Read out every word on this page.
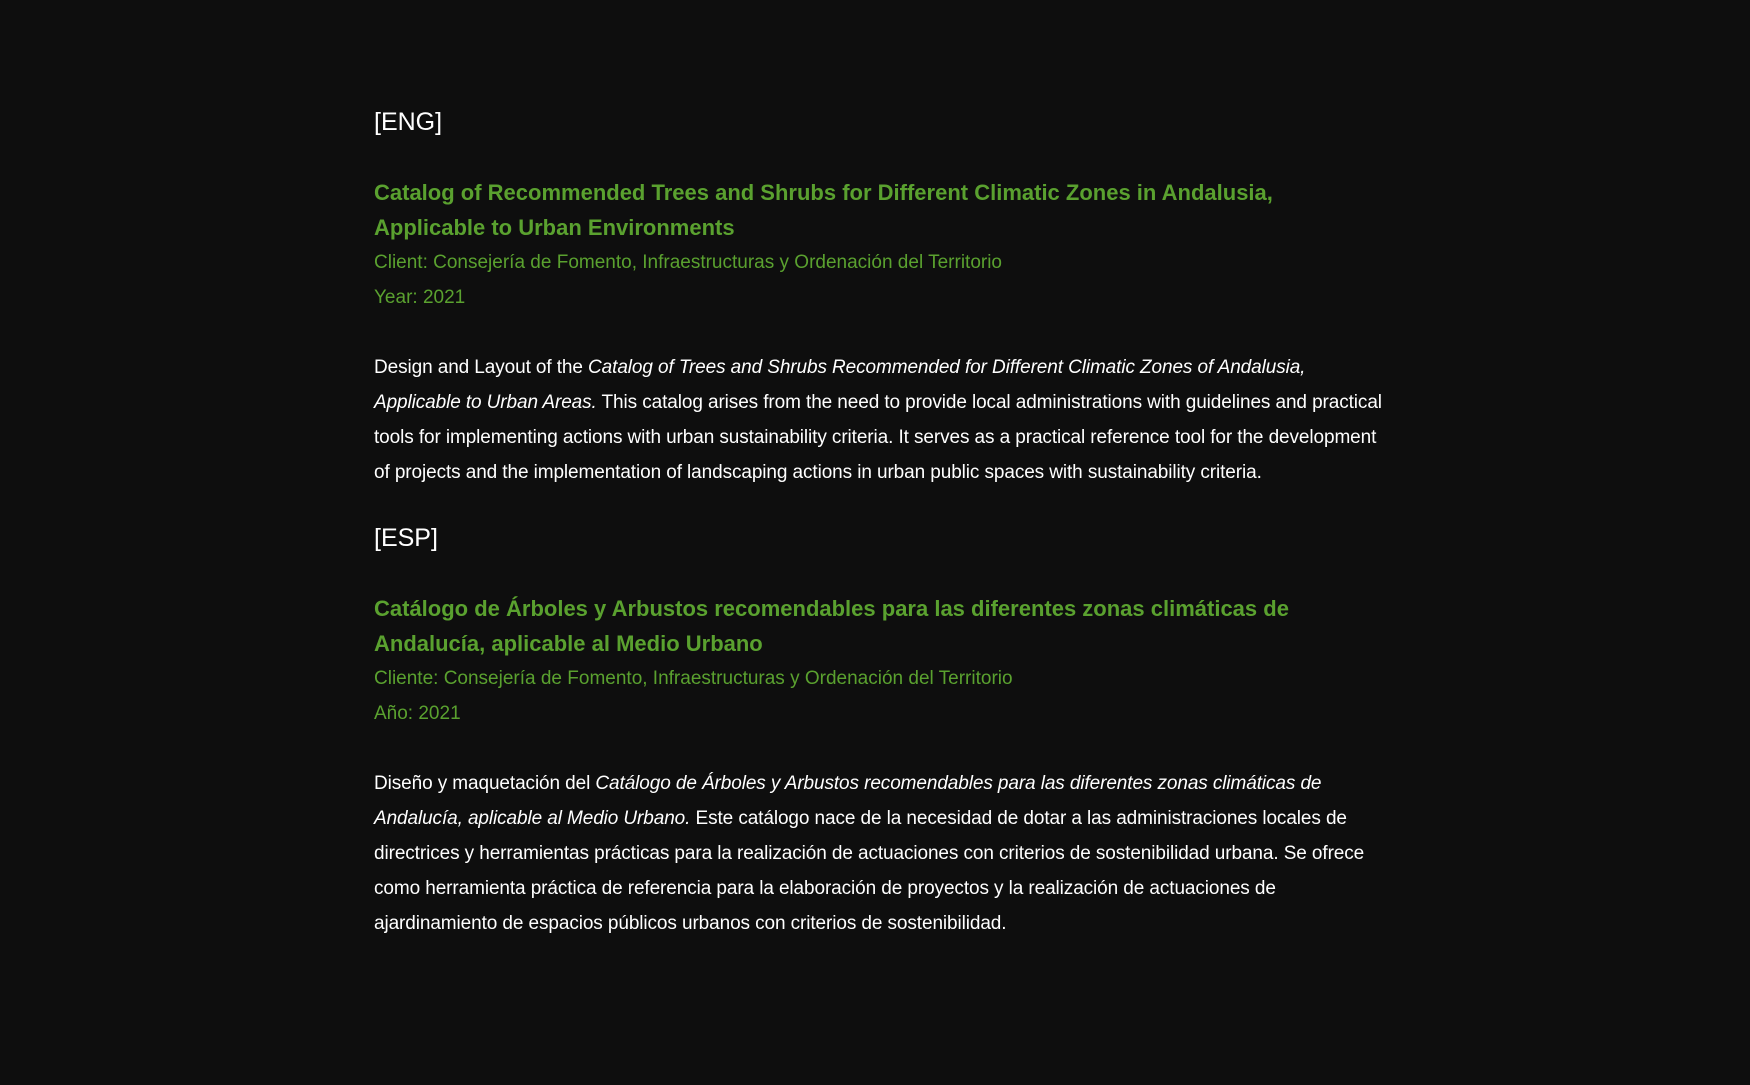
[ENG]
Catalog of Recommended Trees and Shrubs for Different Climatic Zones in Andalusia, Applicable to Urban Environments

Client: Consejería de Fomento, Infraestructuras y Ordenación del Territorio

Year: 2021

Design and Layout of the Catalog of Trees and Shrubs Recommended for Different Climatic Zones of Andalusia, Applicable to Urban Areas. This catalog arises from the need to provide local administrations with guidelines and practical tools for implementing actions with urban sustainability criteria. It serves as a practical reference tool for the development of projects and the implementation of landscaping actions in urban public spaces with sustainability criteria.

[ESP]
Catálogo de Árboles y Arbustos recomendables para las diferentes zonas climáticas de Andalucía, aplicable al Medio Urbano

Cliente: Consejería de Fomento, Infraestructuras y Ordenación del Territorio

Año: 2021

Diseño y maquetación del Catálogo de Árboles y Arbustos recomendables para las diferentes zonas climáticas de Andalucía, aplicable al Medio Urbano. Este catálogo nace de la necesidad de dotar a las administraciones locales de directrices y herramientas prácticas para la realización de actuaciones con criterios de sostenibilidad urbana. Se ofrece como herramienta práctica de referencia para la elaboración de proyectos y la realización de actuaciones de ajardinamiento de espacios públicos urbanos con criterios de sostenibilidad.
